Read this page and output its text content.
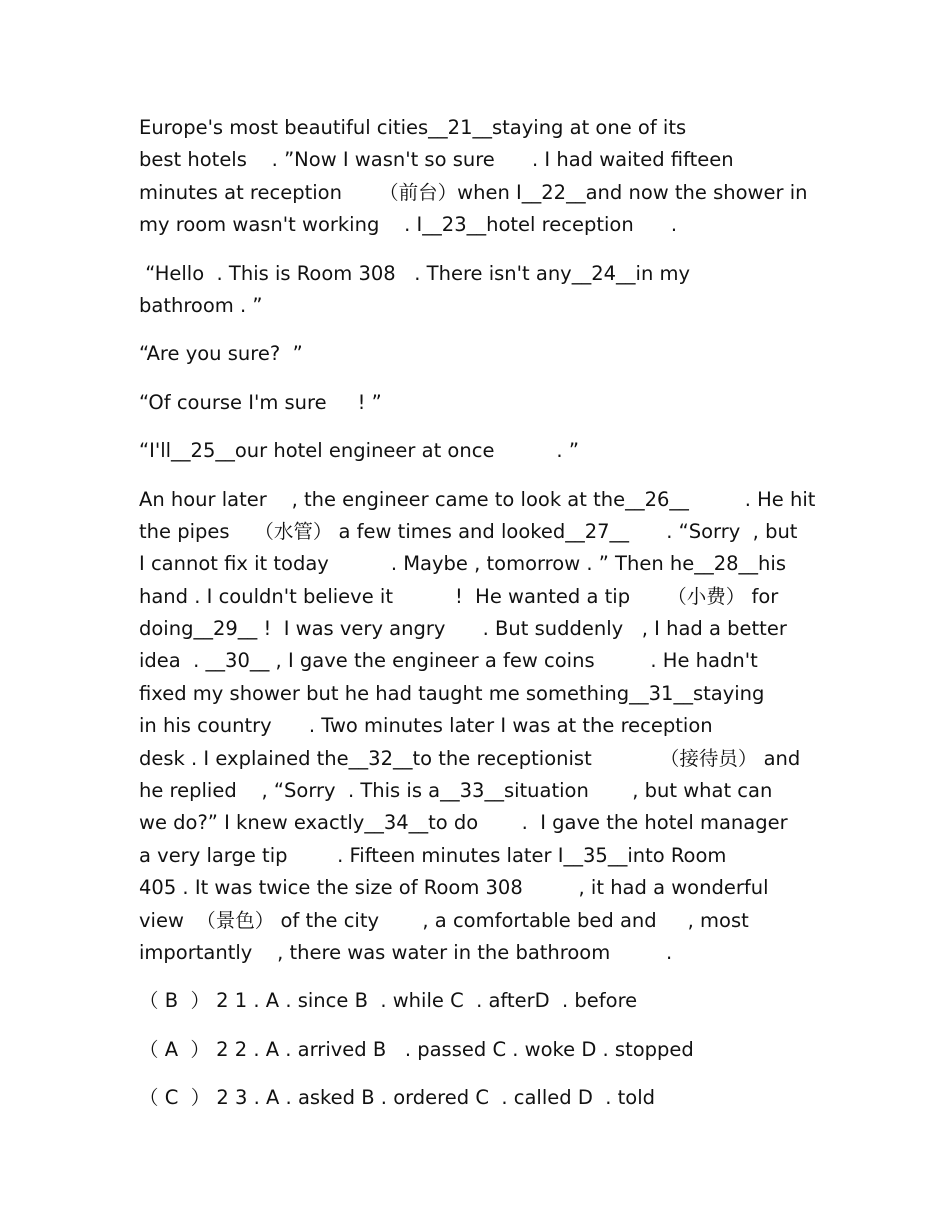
Europe's most beautiful cities__21__staying at one of its
best hotels    . ”Now I wasn't so sure      . I had waited fifteen
minutes at reception      （前台）when I__22__and now the shower in
my room wasn't working    . I__23__hotel reception      .
“Hello  . This is Room 308   . There isn't any__24__in my
bathroom . ”
“Are you sure?  ”
“Of course I'm sure     ! ”
“I'll__25__our hotel engineer at once          . ”
An hour later    , the engineer came to look at the__26__         . He hit
the pipes    （水管） a few times and looked__27__      . “Sorry  , but
I cannot fix it today          . Maybe , tomorrow . ” Then he__28__his
hand . I couldn't believe it          !  He wanted a tip      （小费） for
doing__29__ !  I was very angry      . But suddenly   , I had a better
idea  . __30__ , I gave the engineer a few coins         . He hadn't
fixed my shower but he had taught me something__31__staying
in his country      . Two minutes later I was at the reception
desk . I explained the__32__to the receptionist           （接待员） and
he replied    , “Sorry  . This is a__33__situation       , but what can
we do?” I knew exactly__34__to do       .  I gave the hotel manager
a very large tip        . Fifteen minutes later I__35__into Room
405 . It was twice the size of Room 308         , it had a wonderful
view  （景色） of the city       , a comfortable bed and     , most
importantly    , there was water in the bathroom         .
（ B  ） 2 1 . A . since B  . while C  . afterD  . before
（ A  ） 2 2 . A . arrived B   . passed C . woke D . stopped
（ C  ） 2 3 . A . asked B . ordered C  . called D  . told
